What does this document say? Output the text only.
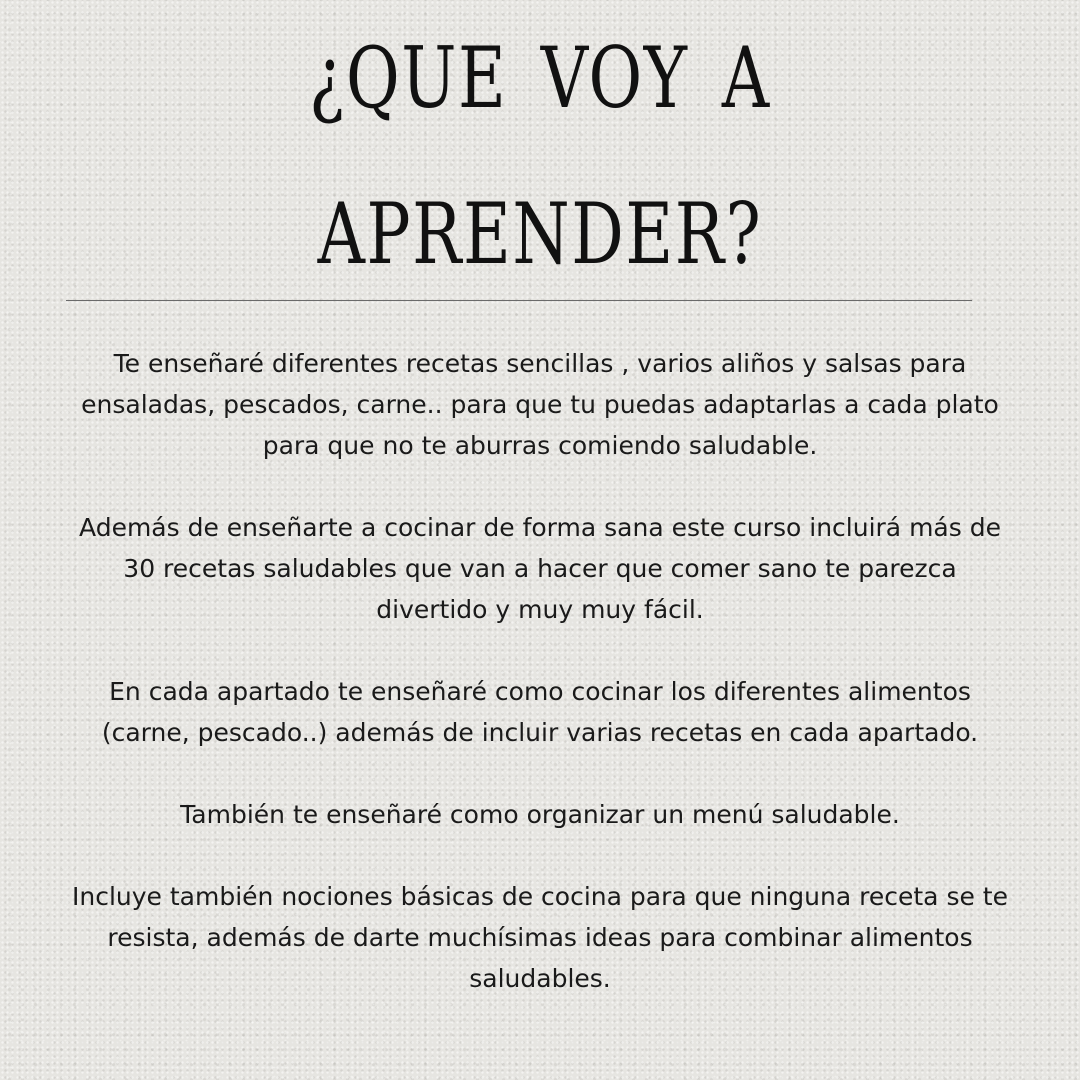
¿QUE VOY A
APRENDER?

Te enseñaré diferentes recetas sencillas , varios aliños y salsas para
ensaladas, pescados, carne.. para que tu puedas adaptarlas a cada plato
para que no te aburras comiendo saludable.

Además de enseñarte a cocinar de forma sana este curso incluirá más de
30 recetas saludables que van a hacer que comer sano te parezca
divertido y muy muy fácil.

En cada apartado te enseñaré como cocinar los diferentes alimentos
(carne, pescado..) además de incluir varias recetas en cada apartado.

También te enseñaré como organizar un menú saludable.

Incluye también nociones básicas de cocina para que ninguna receta se te
resista, además de darte muchísimas ideas para combinar alimentos
saludables.
